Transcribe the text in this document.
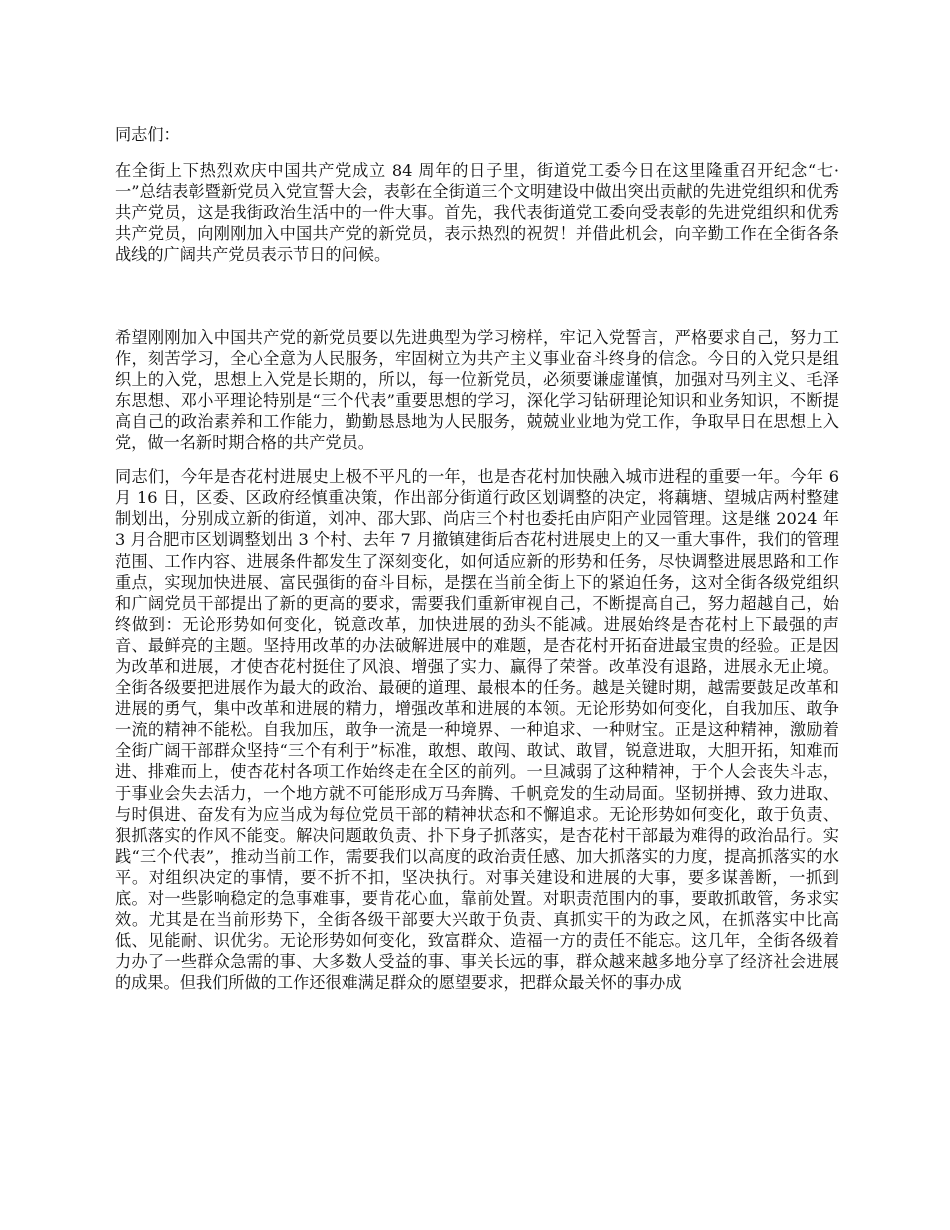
同志们：

在全街上下热烈欢庆中国共产党成立 84 周年的日子里，街道党工委今日在这里隆重召开纪念“七·一”总结表彰暨新党员入党宣誓大会，表彰在全街道三个文明建设中做出突出贡献的先进党组织和优秀共产党员，这是我街政治生活中的一件大事。首先，我代表街道党工委向受表彰的先进党组织和优秀共产党员，向刚刚加入中国共产党的新党员，表示热烈的祝贺！并借此机会，向辛勤工作在全街各条战线的广阔共产党员表示节日的问候。

希望刚刚加入中国共产党的新党员要以先进典型为学习榜样，牢记入党誓言，严格要求自己，努力工作，刻苦学习，全心全意为人民服务，牢固树立为共产主义事业奋斗终身的信念。今日的入党只是组织上的入党，思想上入党是长期的，所以，每一位新党员，必须要谦虚谨慎，加强对马列主义、毛泽东思想、邓小平理论特别是“三个代表”重要思想的学习，深化学习钻研理论知识和业务知识，不断提高自己的政治素养和工作能力，勤勤恳恳地为人民服务，兢兢业业地为党工作，争取早日在思想上入党，做一名新时期合格的共产党员。

同志们，今年是杏花村进展史上极不平凡的一年，也是杏花村加快融入城市进程的重要一年。今年 6 月 16 日，区委、区政府经慎重决策，作出部分街道行政区划调整的决定，将藕塘、望城店两村整建制划出，分别成立新的街道，刘冲、邵大郢、尚店三个村也委托由庐阳产业园管理。这是继 2024 年 3 月合肥市区划调整划出 3 个村、去年 7 月撤镇建街后杏花村进展史上的又一重大事件，我们的管理范围、工作内容、进展条件都发生了深刻变化，如何适应新的形势和任务，尽快调整进展思路和工作重点，实现加快进展、富民强街的奋斗目标，是摆在当前全街上下的紧迫任务，这对全街各级党组织和广阔党员干部提出了新的更高的要求，需要我们重新审视自己，不断提高自己，努力超越自己，始终做到：无论形势如何变化，锐意改革，加快进展的劲头不能减。进展始终是杏花村上下最强的声音、最鲜亮的主题。坚持用改革的办法破解进展中的难题，是杏花村开拓奋进最宝贵的经验。正是因为改革和进展，才使杏花村挺住了风浪、增强了实力、赢得了荣誉。改革没有退路，进展永无止境。全街各级要把进展作为最大的政治、最硬的道理、最根本的任务。越是关键时期，越需要鼓足改革和进展的勇气，集中改革和进展的精力，增强改革和进展的本领。无论形势如何变化，自我加压、敢争一流的精神不能松。自我加压，敢争一流是一种境界、一种追求、一种财宝。正是这种精神，激励着全街广阔干部群众坚持“三个有利于”标准，敢想、敢闯、敢试、敢冒，锐意进取，大胆开拓，知难而进、排难而上，使杏花村各项工作始终走在全区的前列。一旦减弱了这种精神，于个人会丧失斗志，于事业会失去活力，一个地方就不可能形成万马奔腾、千帆竞发的生动局面。坚韧拼搏、致力进取、与时俱进、奋发有为应当成为每位党员干部的精神状态和不懈追求。无论形势如何变化，敢于负责、狠抓落实的作风不能变。解决问题敢负责、扑下身子抓落实，是杏花村干部最为难得的政治品行。实践“三个代表”，推动当前工作，需要我们以高度的政治责任感、加大抓落实的力度，提高抓落实的水平。对组织决定的事情，要不折不扣，坚决执行。对事关建设和进展的大事，要多谋善断，一抓到底。对一些影响稳定的急事难事，要肯花心血，靠前处置。对职责范围内的事，要敢抓敢管，务求实效。尤其是在当前形势下，全街各级干部要大兴敢于负责、真抓实干的为政之风，在抓落实中比高低、见能耐、识优劣。无论形势如何变化，致富群众、造福一方的责任不能忘。这几年，全街各级着力办了一些群众急需的事、大多数人受益的事、事关长远的事，群众越来越多地分享了经济社会进展的成果。但我们所做的工作还很难满足群众的愿望要求，把群众最关怀的事办成
